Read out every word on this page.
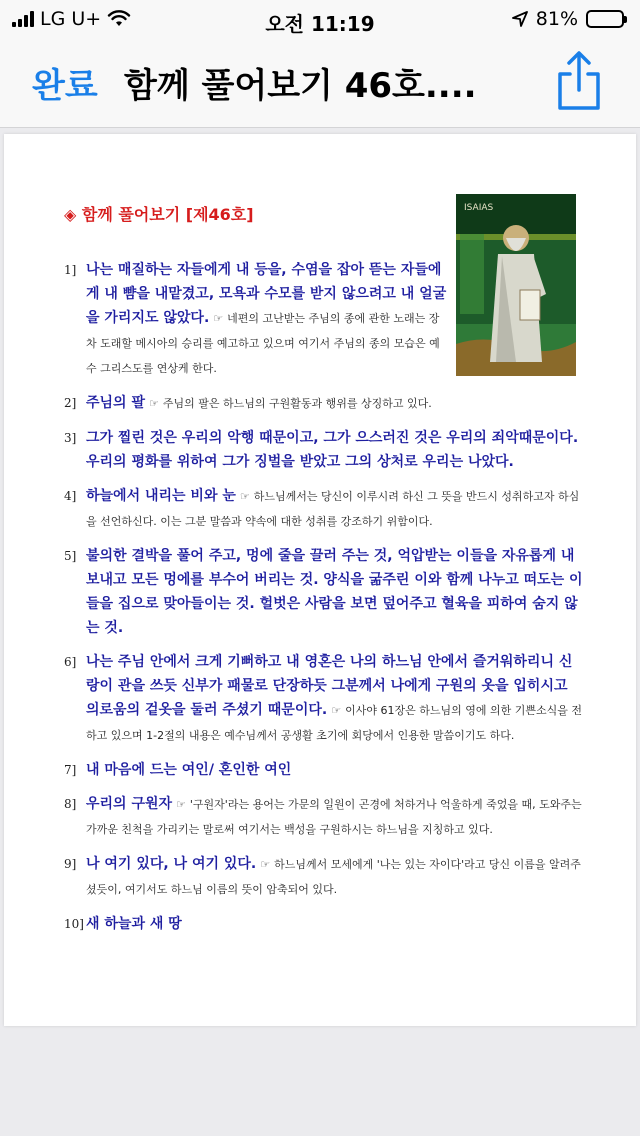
LG U+	오전 11:19	81%
완료 함께 풀어보기 46호....
◈ 함께 풀어보기 [제46호]	ISAIAS
1] 나는 매질하는 자들에게 내 등을, 수염을 잡아 뜯는 자들에게 내 뺨을 내맡겼고, 모욕과 수모를 받지 않으려고 내 얼굴을 가리지도 않았다. ☞ 네편의 고난받는 주님의 종에 관한 노래는 장차 도래할 메시아의 승리를 예고하고 있으며 여기서 주님의 종의 모습은 예수 그리스도를 연상케 한다.
2] 주님의 팔 ☞ 주님의 팔은 하느님의 구원활동과 행위를 상징하고 있다.
3] 그가 찔린 것은 우리의 악행 때문이고, 그가 으스러진 것은 우리의 죄악때문이다. 우리의 평화를 위하여 그가 징벌을 받았고 그의 상처로 우리는 나았다.
4] 하늘에서 내리는 비와 눈 ☞ 하느님께서는 당신이 이루시려 하신 그 뜻을 반드시 성취하고자 하심을 선언하신다. 이는 그분 말씀과 약속에 대한 성취를 강조하기 위함이다.
5] 불의한 결박을 풀어 주고, 멍에 줄을 끌러 주는 것, 억압받는 이들을 자유롭게 내보내고 모든 멍에를 부수어 버리는 것. 양식을 굶주린 이와 함께 나누고 떠도는 이들을 집으로 맞아들이는 것. 헐벗은 사람을 보면 덮어주고 혈육을 피하여 숨지 않는 것.
6] 나는 주님 안에서 크게 기뻐하고 내 영혼은 나의 하느님 안에서 즐거워하리니 신랑이 관을 쓰듯 신부가 패물로 단장하듯 그분께서 나에게 구원의 옷을 입히시고 의로움의 겉옷을 둘러 주셨기 때문이다. ☞ 이사야 61장은 하느님의 영에 의한 기쁜소식을 전하고 있으며 1-2절의 내용은 예수님께서 공생활 초기에 회당에서 인용한 말씀이기도 하다.
7] 내 마음에 드는 여인/ 혼인한 여인
8] 우리의 구원자 ☞ '구원자'라는 용어는 가문의 일원이 곤경에 처하거나 억울하게 죽었을 때, 도와주는 가까운 친척을 가리키는 말로써 여기서는 백성을 구원하시는 하느님을 지칭하고 있다.
9] 나 여기 있다, 나 여기 있다. ☞ 하느님께서 모세에게 '나는 있는 자이다'라고 당신 이름을 알려주셨듯이, 여기서도 하느님 이름의 뜻이 암축되어 있다.
10] 새 하늘과 새 땅
